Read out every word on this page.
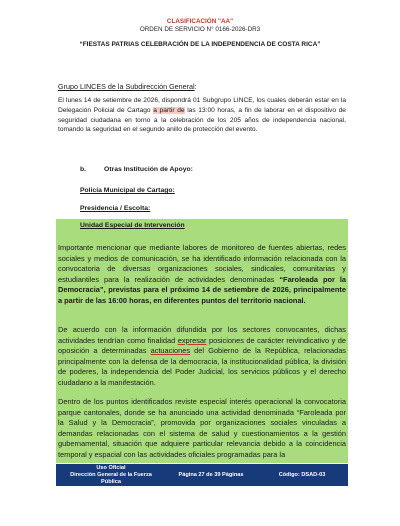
CLASIFICACIÓN "AA"
ORDEN DE SERVICIO N° 0166-2026-DR3
“FIESTAS PATRIAS CELEBRACIÓN DE LA INDEPENDENCIA DE COSTA RICA”
Grupo LINCES de la Subdirección General:
El lunes 14 de setiembre de 2026, dispondrá 01 Subgrupo LINCE, los cuales deberán estar en la Delegación Policial de Cartago a partir de las 13:00 horas, a fin de laborar en el dispositivo de seguridad ciudadana en torno a la celebración de los 205 años de independencia nacional, tomando la seguridad en el segundo anillo de protección del evento.
b.	Otras Institución de Apoyo:
Policía Municipal de Cartago:
Presidencia / Escolta:
Unidad Especial de Intervención
Importante mencionar que mediante labores de monitoreo de fuentes abiertas, redes sociales y medios de comunicación, se ha identificado información relacionada con la convocatoria de diversas organizaciones sociales, sindicales, comunitarias y estudiantiles para la realización de actividades denominadas “Faroleada por la Democracia”, previstas para el próximo 14 de setiembre de 2026, principalmente a partir de las 16:00 horas, en diferentes puntos del territorio nacional.
De acuerdo con la información difundida por los sectores convocantes, dichas actividades tendrían como finalidad expresar posiciones de carácter reivindicativo y de oposición a determinadas actuaciones del Gobierno de la República, relacionadas principalmente con la defensa de la democracia, la institucionalidad pública, la división de poderes, la independencia del Poder Judicial, los servicios públicos y el derecho ciudadano a la manifestación.
Dentro de los puntos identificados reviste especial interés operacional la convocatoria parque cantonales, donde se ha anunciado una actividad denominada “Faroleada por la Salud y la Democracia”, promovida por organizaciones sociales vinculadas a demandas relacionadas con el sistema de salud y cuestionamientos a la gestión gubernamental, situación que adquiere particular relevancia debido a la coincidencia temporal y espacial con las actividades oficiales programadas para la
Uso Oficial
Dirección General de la Fuerza
Pública
Página 27 de 39 Páginas	Código: DSAD-03
